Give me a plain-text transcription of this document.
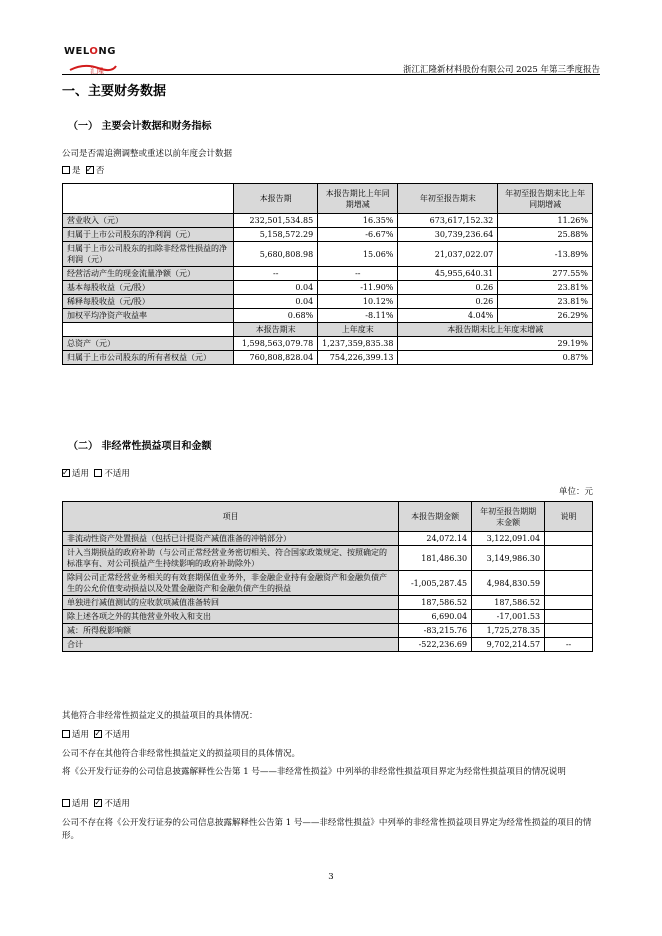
WELONG
汇隆	浙江汇隆新材料股份有限公司 2025 年第三季度报告
一、主要财务数据
（一） 主要会计数据和财务指标
公司是否需追溯调整或重述以前年度会计数据
是 ✓ 否
	本报告期	本报告期比上年同期增减	年初至报告期末	年初至报告期末比上年同期增减
营业收入（元）	232,501,534.85	16.35%	673,617,152.32	11.26%
归属于上市公司股东的净利润（元）	5,158,572.29	-6.67%	30,739,236.64	25.88%
归属于上市公司股东的扣除非经常性损益的净利润（元）	5,680,808.98	15.06%	21,037,022.07	-13.89%
经营活动产生的现金流量净额（元）	--	--	45,955,640.31	277.55%
基本每股收益（元/股）	0.04	-11.90%	0.26	23.81%
稀释每股收益（元/股）	0.04	10.12%	0.26	23.81%
加权平均净资产收益率	0.68%	-8.11%	4.04%	26.29%
	本报告期末	上年度末	本报告期末比上年度末增减	
总资产（元）	1,598,563,079.78	1,237,359,835.38	29.19%	
归属于上市公司股东的所有者权益（元）	760,808,828.04	754,226,399.13	0.87%	
（二） 非经常性损益项目和金额
✓适用 不适用
单位：元
项目	本报告期金额	年初至报告期期末金额	说明
非流动性资产处置损益（包括已计提资产减值准备的冲销部分）	24,072.14	3,122,091.04	
计入当期损益的政府补助（与公司正常经营业务密切相关、符合国家政策规定、按照确定的标准享有、对公司损益产生持续影响的政府补助除外）	181,486.30	3,149,986.30	
除同公司正常经营业务相关的有效套期保值业务外，非金融企业持有金融资产和金融负债产生的公允价值变动损益以及处置金融资产和金融负债产生的损益	-1,005,287.45	4,984,830.59	
单独进行减值测试的应收款项减值准备转回	187,586.52	187,586.52	
除上述各项之外的其他营业外收入和支出	6,690.04	-17,001.53	
减：所得税影响额	-83,215.76	1,725,278.35	
合计	-522,236.69	9,702,214.57	--
其他符合非经常性损益定义的损益项目的具体情况：
适用 ✓ 不适用
公司不存在其他符合非经常性损益定义的损益项目的具体情况。
将《公开发行证券的公司信息披露解释性公告第 1 号——非经常性损益》中列举的非经常性损益项目界定为经常性损益项目的情况说明
适用 ✓ 不适用
公司不存在将《公开发行证券的公司信息披露解释性公告第 1 号——非经常性损益》中列举的非经常性损益项目界定为经常性损益的项目的情形。
3
